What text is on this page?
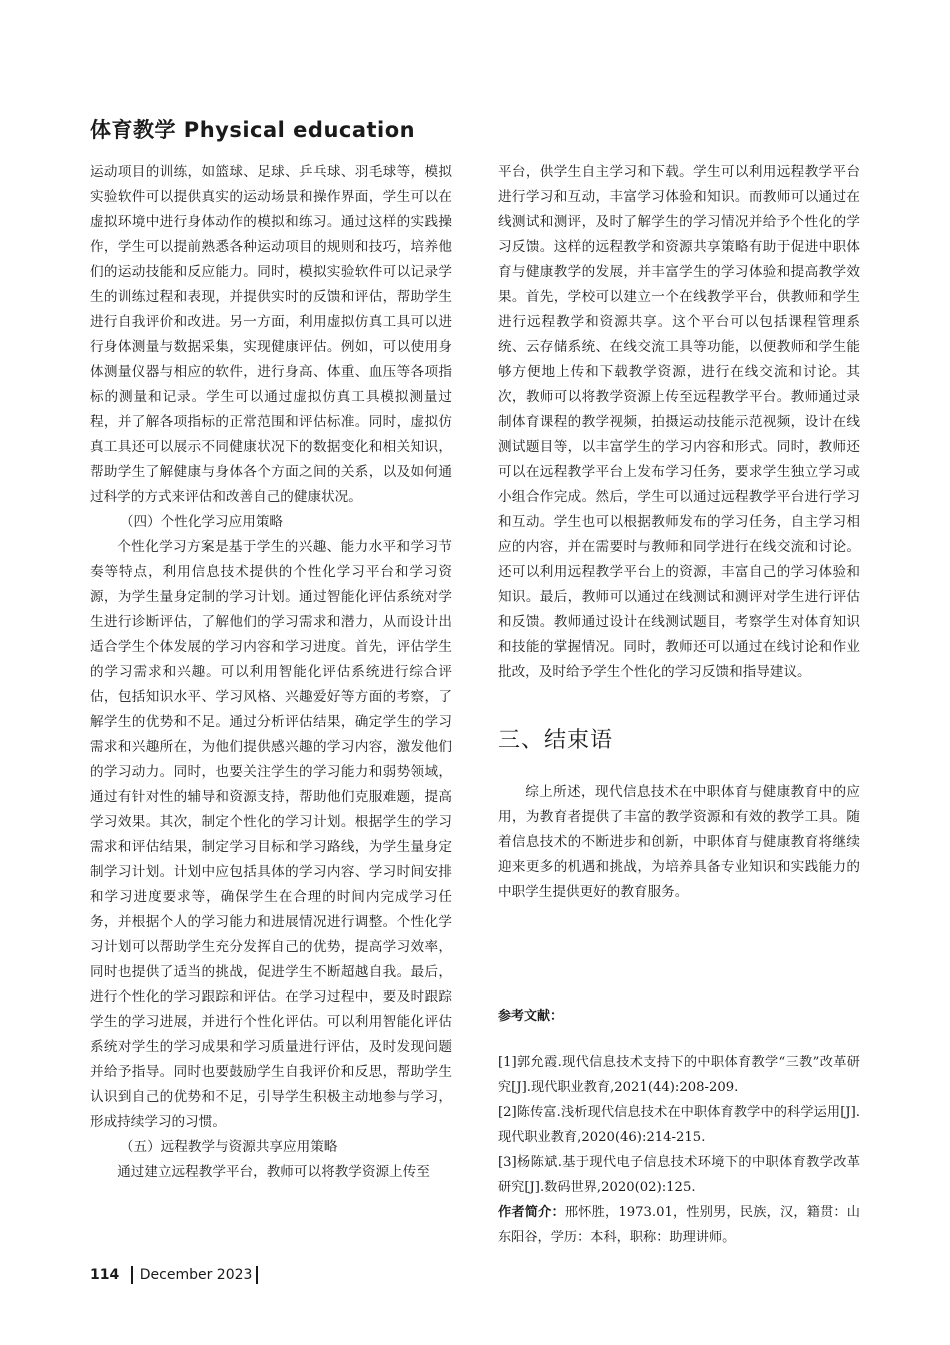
体育教学 Physical education

运动项目的训练，如篮球、足球、乒乓球、羽毛球等，模拟实验软件可以提供真实的运动场景和操作界面，学生可以在虚拟环境中进行身体动作的模拟和练习。通过这样的实践操作，学生可以提前熟悉各种运动项目的规则和技巧，培养他们的运动技能和反应能力。同时，模拟实验软件可以记录学生的训练过程和表现，并提供实时的反馈和评估，帮助学生进行自我评价和改进。另一方面，利用虚拟仿真工具可以进行身体测量与数据采集，实现健康评估。例如，可以使用身体测量仪器与相应的软件，进行身高、体重、血压等各项指标的测量和记录。学生可以通过虚拟仿真工具模拟测量过程，并了解各项指标的正常范围和评估标准。同时，虚拟仿真工具还可以展示不同健康状况下的数据变化和相关知识，帮助学生了解健康与身体各个方面之间的关系，以及如何通过科学的方式来评估和改善自己的健康状况。

（四）个性化学习应用策略

个性化学习方案是基于学生的兴趣、能力水平和学习节奏等特点，利用信息技术提供的个性化学习平台和学习资源，为学生量身定制的学习计划。通过智能化评估系统对学生进行诊断评估，了解他们的学习需求和潜力，从而设计出适合学生个体发展的学习内容和学习进度。首先，评估学生的学习需求和兴趣。可以利用智能化评估系统进行综合评估，包括知识水平、学习风格、兴趣爱好等方面的考察，了解学生的优势和不足。通过分析评估结果，确定学生的学习需求和兴趣所在，为他们提供感兴趣的学习内容，激发他们的学习动力。同时，也要关注学生的学习能力和弱势领域，通过有针对性的辅导和资源支持，帮助他们克服难题，提高学习效果。其次，制定个性化的学习计划。根据学生的学习需求和评估结果，制定学习目标和学习路线，为学生量身定制学习计划。计划中应包括具体的学习内容、学习时间安排和学习进度要求等，确保学生在合理的时间内完成学习任务，并根据个人的学习能力和进展情况进行调整。个性化学习计划可以帮助学生充分发挥自己的优势，提高学习效率，同时也提供了适当的挑战，促进学生不断超越自我。最后，进行个性化的学习跟踪和评估。在学习过程中，要及时跟踪学生的学习进展，并进行个性化评估。可以利用智能化评估系统对学生的学习成果和学习质量进行评估，及时发现问题并给予指导。同时也要鼓励学生自我评价和反思，帮助学生认识到自己的优势和不足，引导学生积极主动地参与学习，形成持续学习的习惯。

（五）远程教学与资源共享应用策略

通过建立远程教学平台，教师可以将教学资源上传至

平台，供学生自主学习和下载。学生可以利用远程教学平台进行学习和互动，丰富学习体验和知识。而教师可以通过在线测试和测评，及时了解学生的学习情况并给予个性化的学习反馈。这样的远程教学和资源共享策略有助于促进中职体育与健康教学的发展，并丰富学生的学习体验和提高教学效果。首先，学校可以建立一个在线教学平台，供教师和学生进行远程教学和资源共享。这个平台可以包括课程管理系统、云存储系统、在线交流工具等功能，以便教师和学生能够方便地上传和下载教学资源，进行在线交流和讨论。其次，教师可以将教学资源上传至远程教学平台。教师通过录制体育课程的教学视频，拍摄运动技能示范视频，设计在线测试题目等，以丰富学生的学习内容和形式。同时，教师还可以在远程教学平台上发布学习任务，要求学生独立学习或小组合作完成。然后，学生可以通过远程教学平台进行学习和互动。学生也可以根据教师发布的学习任务，自主学习相应的内容，并在需要时与教师和同学进行在线交流和讨论。还可以利用远程教学平台上的资源，丰富自己的学习体验和知识。最后，教师可以通过在线测试和测评对学生进行评估和反馈。教师通过设计在线测试题目，考察学生对体育知识和技能的掌握情况。同时，教师还可以通过在线讨论和作业批改，及时给予学生个性化的学习反馈和指导建议。

三、结束语

综上所述，现代信息技术在中职体育与健康教育中的应用，为教育者提供了丰富的教学资源和有效的教学工具。随着信息技术的不断进步和创新，中职体育与健康教育将继续迎来更多的机遇和挑战，为培养具备专业知识和实践能力的中职学生提供更好的教育服务。

参考文献：

[1]郭允霞.现代信息技术支持下的中职体育教学“三教”改革研究[J].现代职业教育,2021(44):208-209.

[2]陈传富.浅析现代信息技术在中职体育教学中的科学运用[J].现代职业教育,2020(46):214-215.

[3]杨陈斌.基于现代电子信息技术环境下的中职体育教学改革研究[J].数码世界,2020(02):125.

作者简介：邢怀胜，1973.01，性别男，民族，汉，籍贯：山东阳谷，学历：本科，职称：助理讲师。

114 December 2023
